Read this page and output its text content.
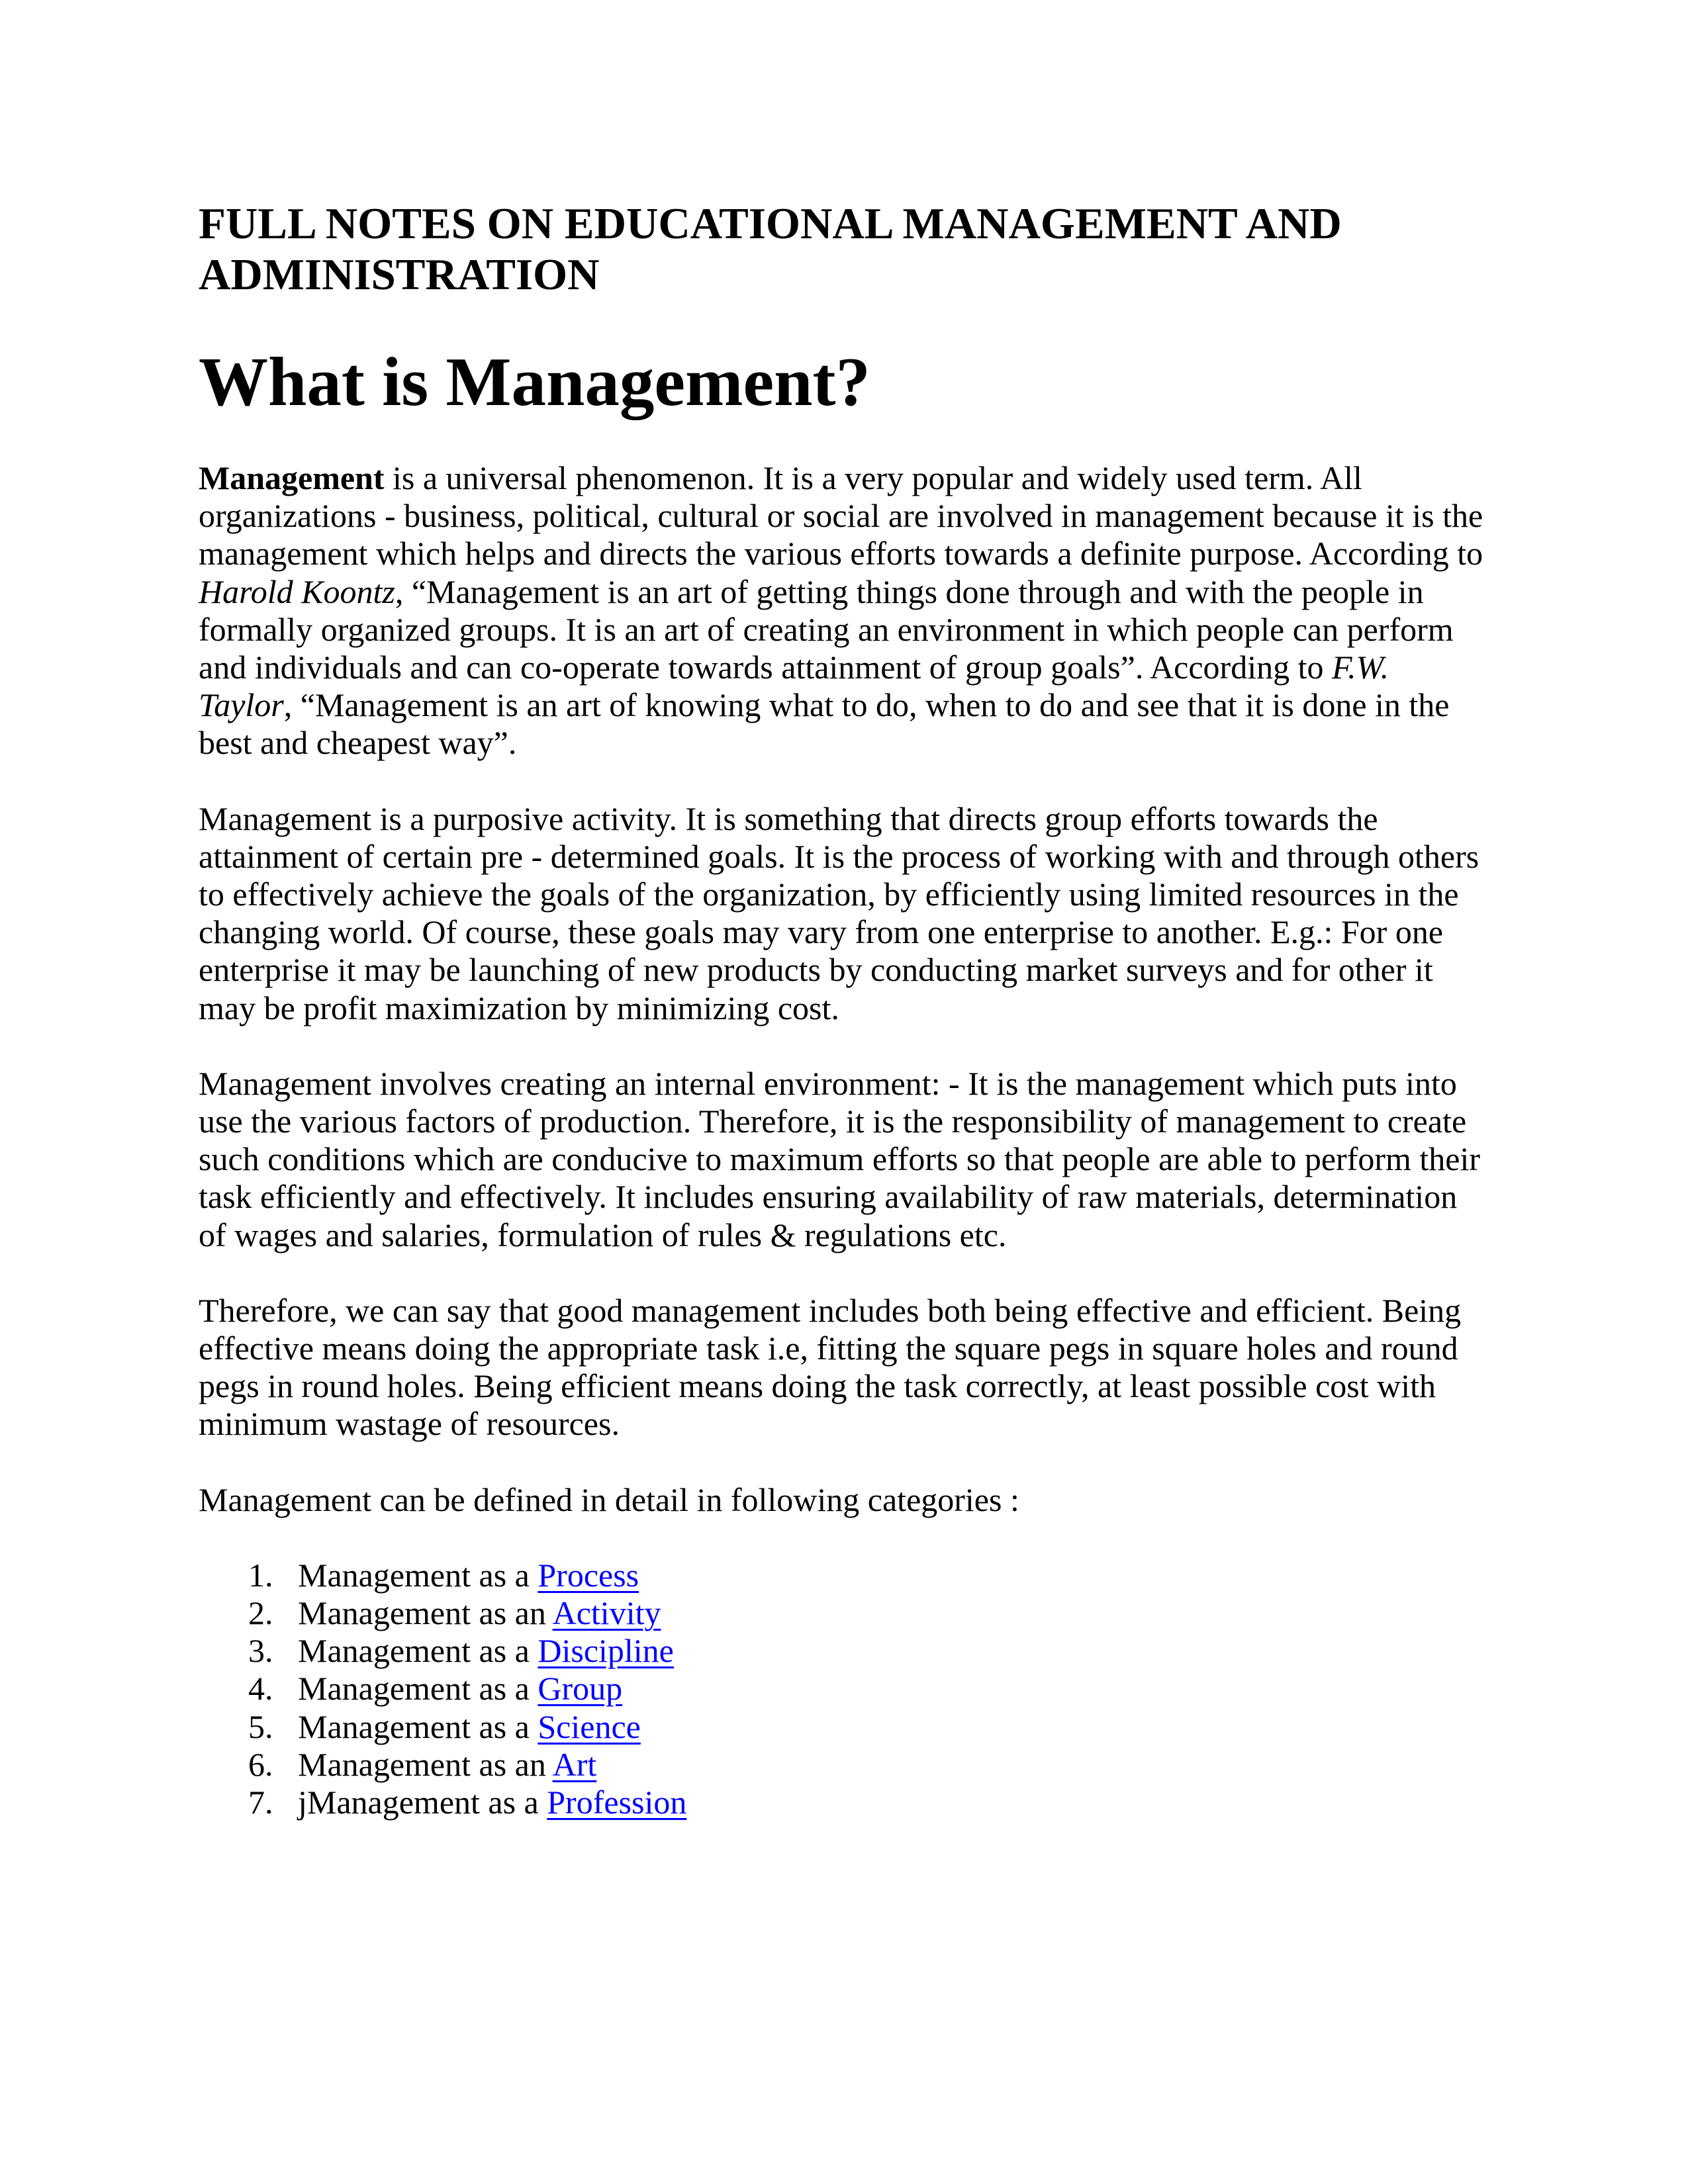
FULL NOTES ON EDUCATIONAL MANAGEMENT AND ADMINISTRATION
What is Management?

Management is a universal phenomenon. It is a very popular and widely used term. All organizations - business, political, cultural or social are involved in management because it is the management which helps and directs the various efforts towards a definite purpose. According to Harold Koontz, “Management is an art of getting things done through and with the people in formally organized groups. It is an art of creating an environment in which people can perform and individuals and can co-operate towards attainment of group goals”. According to F.W. Taylor, “Management is an art of knowing what to do, when to do and see that it is done in the best and cheapest way”.

Management is a purposive activity. It is something that directs group efforts towards the attainment of certain pre - determined goals. It is the process of working with and through others to effectively achieve the goals of the organization, by efficiently using limited resources in the changing world. Of course, these goals may vary from one enterprise to another. E.g.: For one enterprise it may be launching of new products by conducting market surveys and for other it may be profit maximization by minimizing cost.

Management involves creating an internal environment: - It is the management which puts into use the various factors of production. Therefore, it is the responsibility of management to create such conditions which are conducive to maximum efforts so that people are able to perform their task efficiently and effectively. It includes ensuring availability of raw materials, determination of wages and salaries, formulation of rules & regulations etc.

Therefore, we can say that good management includes both being effective and efficient. Being effective means doing the appropriate task i.e, fitting the square pegs in square holes and round pegs in round holes. Being efficient means doing the task correctly, at least possible cost with minimum wastage of resources.

Management can be defined in detail in following categories :

1. Management as a Process
2. Management as an Activity
3. Management as a Discipline
4. Management as a Group
5. Management as a Science
6. Management as an Art
7. jManagement as a Profession
